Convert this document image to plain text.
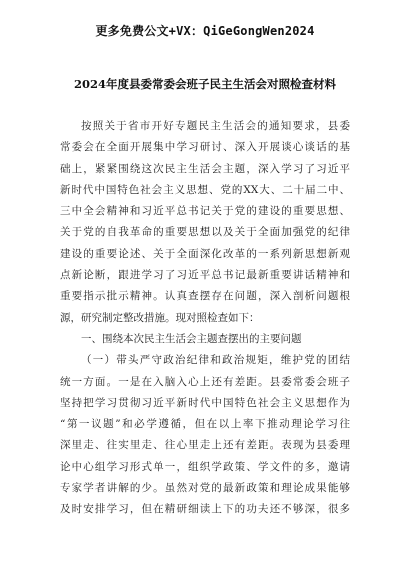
更多免费公文+VX：QiGeGongWen2024
2024年度县委常委会班子民主生活会对照检查材料
按照关于省市开好专题民主生活会的通知要求，县委
常委会在全面开展集中学习研讨、深入开展谈心谈话的基
础上，紧紧围绕这次民主生活会主题，深入学习了习近平
新时代中国特色社会主义思想、党的XX大、二十届二中、
三中全会精神和习近平总书记关于党的建设的重要思想、
关于党的自我革命的重要思想以及关于全面加强党的纪律
建设的重要论述、关于全面深化改革的一系列新思想新观
点新论断，跟进学习了习近平总书记最新重要讲话精神和
重要指示批示精神。认真查摆存在问题，深入剖析问题根
源，研究制定整改措施。现对照检查如下：
一、围绕本次民主生活会主题查摆出的主要问题
（一）带头严守政治纪律和政治规矩，维护党的团结
统一方面。一是在入脑入心上还有差距。县委常委会班子
坚持把学习贯彻习近平新时代中国特色社会主义思想作为
“第一议题”和必学遵循，但在以上率下推动理论学习往
深里走、往实里走、往心里走上还有差距。表现为县委理
论中心组学习形式单一，组织学政策、学文件的多，邀请
专家学者讲解的少。虽然对党的最新政策和理论成果能够
及时安排学习，但在精研细读上下的功夫还不够深，很多
